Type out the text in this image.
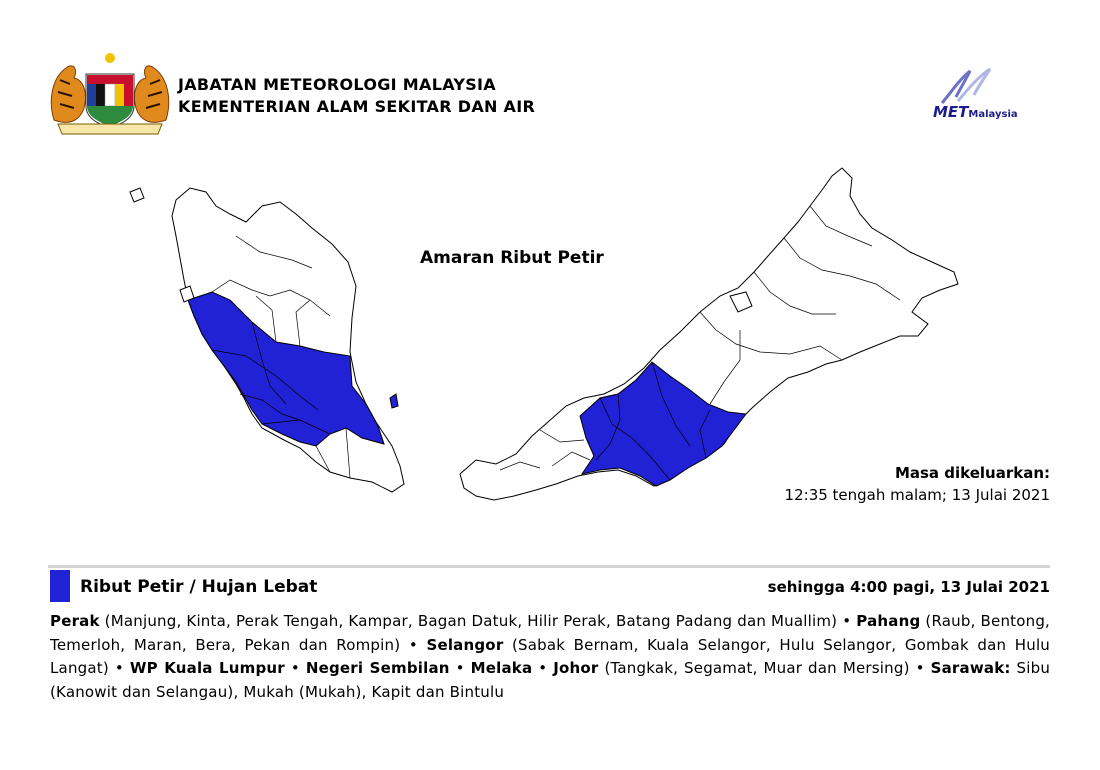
JABATAN METEOROLOGI MALAYSIA
KEMENTERIAN ALAM SEKITAR DAN AIR	METMalaysia
Amaran Ribut Petir
Masa dikeluarkan:
12:35 tengah malam; 13 Julai 2021
Ribut Petir / Hujan Lebat	sehingga 4:00 pagi, 13 Julai 2021
Perak (Manjung, Kinta, Perak Tengah, Kampar, Bagan Datuk, Hilir Perak, Batang Padang dan Muallim) • Pahang (Raub, Bentong, Temerloh, Maran, Bera, Pekan dan Rompin) • Selangor (Sabak Bernam, Kuala Selangor, Hulu Selangor, Gombak dan Hulu Langat) • WP Kuala Lumpur • Negeri Sembilan • Melaka • Johor (Tangkak, Segamat, Muar dan Mersing) • Sarawak: Sibu (Kanowit dan Selangau), Mukah (Mukah), Kapit dan Bintulu
